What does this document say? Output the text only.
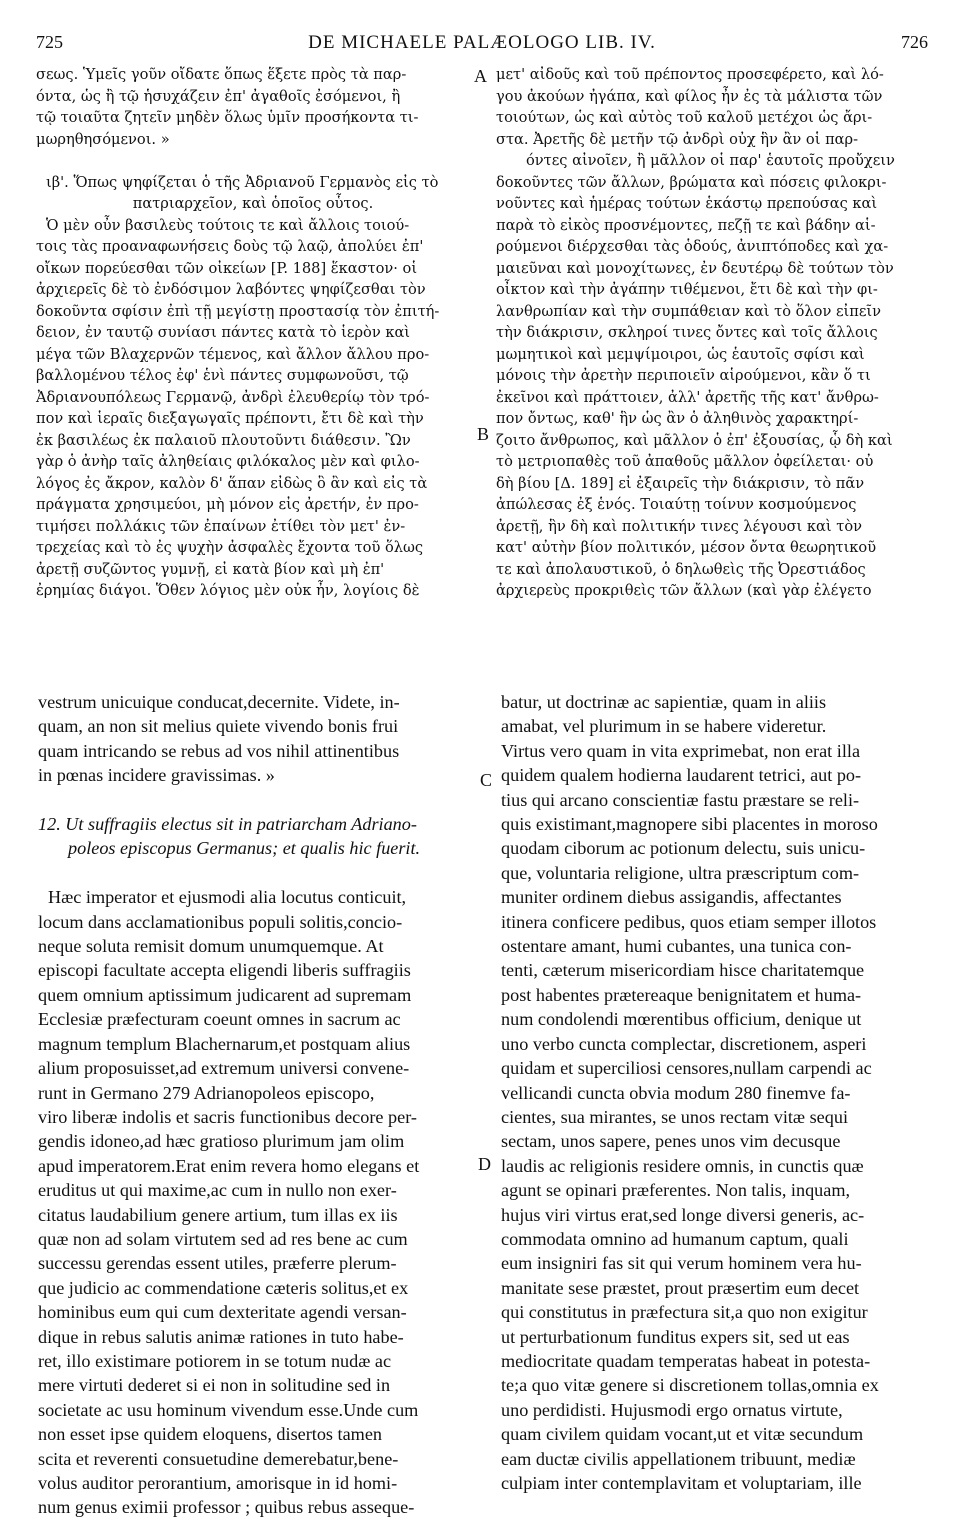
725	DE MICHAELE PALÆOLOGO LIB. IV.	726
A
B
C
D

σεως. Ὑμεῖς γοῦν οἴδατε ὅπως ἕξετε πρὸς τὰ παρ-

όντα, ὡς ἢ τῷ ἡσυχάζειν ἐπ' ἀγαθοῖς ἐσόμενοι, ἢ

τῷ τοιαῦτα ζητεῖν μηδὲν ὅλως ὑμῖν προσήκοντα τι-

μωρηθησόμενοι. »

ιβ'. Ὅπως ψηφίζεται ὁ τῆς Ἀδριανοῦ Γερμανὸς εἰς τὸ

πατριαρχεῖον, καὶ ὁποῖος οὗτος.

Ὁ μὲν οὖν βασιλεὺς τούτοις τε καὶ ἄλλοις τοιού-

τοις τὰς προαναφωνήσεις δοὺς τῷ λαῷ, ἀπολύει ἐπ'

οἴκων πορεύεσθαι τῶν οἰκείων [P. 188] ἕκαστον· οἱ

ἀρχιερεῖς δὲ τὸ ἐνδόσιμον λαβόντες ψηφίζεσθαι τὸν

δοκοῦντα σφίσιν ἐπὶ τῇ μεγίστῃ προστασίᾳ τὸν ἐπιτή-

δειον, ἐν ταυτῷ συνίασι πάντες κατὰ τὸ ἱερὸν καὶ

μέγα τῶν Βλαχερνῶν τέμενος, καὶ ἄλλον ἄλλου προ-

βαλλομένου τέλος ἐφ' ἑνὶ πάντες συμφωνοῦσι, τῷ

Ἀδριανουπόλεως Γερμανῷ, ἀνδρὶ ἐλευθερίῳ τὸν τρό-

πον καὶ ἱεραῖς διεξαγωγαῖς πρέποντι, ἔτι δὲ καὶ τὴν

ἐκ βασιλέως ἐκ παλαιοῦ πλουτοῦντι διάθεσιν. Ὢν

γὰρ ὁ ἀνὴρ ταῖς ἀληθείαις φιλόκαλος μὲν καὶ φιλο-

λόγος ἐς ἄκρον, καλὸν δ' ἅπαν εἰδὼς ὃ ἂν καὶ εἰς τὰ

πράγματα χρησιμεύοι, μὴ μόνον εἰς ἀρετήν, ἐν προ-

τιμήσει πολλάκις τῶν ἐπαίνων ἐτίθει τὸν μετ' ἐν-

τρεχείας καὶ τὸ ἐς ψυχὴν ἀσφαλὲς ἔχοντα τοῦ ὅλως

ἀρετῇ συζῶντος γυμνῇ, εἰ κατὰ βίον καὶ μὴ ἐπ'

ἐρημίας διάγοι. Ὅθεν λόγιος μὲν οὐκ ἦν, λογίοις δὲ

μετ' αἰδοῦς καὶ τοῦ πρέποντος προσεφέρετο, καὶ λό-

γου ἀκούων ἠγάπα, καὶ φίλος ἦν ἐς τὰ μάλιστα τῶν

τοιούτων, ὡς καὶ αὐτὸς τοῦ καλοῦ μετέχοι ὡς ἄρι-

στα. Ἀρετῆς δὲ μετῆν τῷ ἀνδρὶ οὐχ ἣν ἂν οἱ παρ-

όντες αἰνοῖεν, ἢ μᾶλλον οἱ παρ' ἑαυτοῖς προὔχειν

δοκοῦντες τῶν ἄλλων, βρώματα καὶ πόσεις φιλοκρι-

νοῦντες καὶ ἡμέρας τούτων ἑκάστῳ πρεπούσας καὶ

παρὰ τὸ εἰκὸς προσνέμοντες, πεζῇ τε καὶ βάδην αἱ-

ρούμενοι διέρχεσθαι τὰς ὁδούς, ἀνιπτόποδες καὶ χα-

μαιεῦναι καὶ μονοχίτωνες, ἐν δευτέρῳ δὲ τούτων τὸν

οἶκτον καὶ τὴν ἀγάπην τιθέμενοι, ἔτι δὲ καὶ τὴν φι-

λανθρωπίαν καὶ τὴν συμπάθειαν καὶ τὸ ὅλον εἰπεῖν

τὴν διάκρισιν, σκληροί τινες ὄντες καὶ τοῖς ἄλλοις

μωμητικοὶ καὶ μεμψίμοιροι, ὡς ἑαυτοῖς σφίσι καὶ

μόνοις τὴν ἀρετὴν περιποιεῖν αἱρούμενοι, κἂν ὅ τι

ἐκεῖνοι καὶ πράττοιεν, ἀλλ' ἀρετῆς τῆς κατ' ἄνθρω-

πον ὄντως, καθ' ἣν ὡς ἂν ὁ ἀληθινὸς χαρακτηρί-

ζοιτο ἄνθρωπος, καὶ μᾶλλον ὁ ἐπ' ἐξουσίας, ᾧ δὴ καὶ

τὸ μετριοπαθὲς τοῦ ἀπαθοῦς μᾶλλον ὀφείλεται· οὐ

δὴ βίου [Δ. 189] εἰ ἐξαιρεῖς τὴν διάκρισιν, τὸ πᾶν

ἀπώλεσας ἐξ ἑνός. Τοιαύτῃ τοίνυν κοσμούμενος

ἀρετῇ, ἣν δὴ καὶ πολιτικήν τινες λέγουσι καὶ τὸν

κατ' αὐτὴν βίον πολιτικόν, μέσον ὄντα θεωρητικοῦ

τε καὶ ἀπολαυστικοῦ, ὁ δηλωθεὶς τῆς Ὀρεστιάδος

ἀρχιερεὺς προκριθεὶς τῶν ἄλλων (καὶ γὰρ ἐλέγετο

vestrum unicuique conducat,decernite. Videte, in-

quam, an non sit melius quiete vivendo bonis frui

quam intricando se rebus ad vos nihil attinentibus

in pœnas incidere gravissimas. »

12. Ut suffragiis electus sit in patriarcham Adriano-

poleos episcopus Germanus; et qualis hic fuerit.

Hæc imperator et ejusmodi alia locutus conticuit,

locum dans acclamationibus populi solitis,concio-

neque soluta remisit domum unumquemque. At

episcopi facultate accepta eligendi liberis suffragiis

quem omnium aptissimum judicarent ad supremam

Ecclesiæ præfecturam coeunt omnes in sacrum ac

magnum templum Blachernarum,et postquam alius

alium proposuisset,ad extremum universi convene-

runt in Germano 279 Adrianopoleos episcopo,

viro liberæ indolis et sacris functionibus decore per-

gendis idoneo,ad hæc gratioso plurimum jam olim

apud imperatorem.Erat enim revera homo elegans et

eruditus ut qui maxime,ac cum in nullo non exer-

citatus laudabilium genere artium, tum illas ex iis

quæ non ad solam virtutem sed ad res bene ac cum

successu gerendas essent utiles, præferre plerum-

que judicio ac commendatione cæteris solitus,et ex

hominibus eum qui cum dexteritate agendi versan-

dique in rebus salutis animæ rationes in tuto habe-

ret, illo existimare potiorem in se totum nudæ ac

mere virtuti dederet si ei non in solitudine sed in

societate ac usu hominum vivendum esse.Unde cum

non esset ipse quidem eloquens, disertos tamen

scita et reverenti consuetudine demerebatur,bene-

volus auditor perorantium, amorisque in id homi-

num genus eximii professor ; quibus rebus asseque-

batur, ut doctrinæ ac sapientiæ, quam in aliis

amabat, vel plurimum in se habere videretur.

Virtus vero quam in vita exprimebat, non erat illa

quidem qualem hodierna laudarent tetrici, aut po-

tius qui arcano conscientiæ fastu præstare se reli-

quis existimant,magnopere sibi placentes in moroso

quodam ciborum ac potionum delectu, suis unicu-

que, voluntaria religione, ultra præscriptum com-

muniter ordinem diebus assigandis, affectantes

itinera conficere pedibus, quos etiam semper illotos

ostentare amant, humi cubantes, una tunica con-

tenti, cæterum misericordiam hisce charitatemque

post habentes prætereaque benignitatem et huma-

num condolendi mœrentibus officium, denique ut

uno verbo cuncta complectar, discretionem, asperi

quidam et superciliosi censores,nullam carpendi ac

vellicandi cuncta obvia modum 280 finemve fa-

cientes, sua mirantes, se unos rectam vitæ sequi

sectam, unos sapere, penes unos vim decusque

laudis ac religionis residere omnis, in cunctis quæ

agunt se opinari præferentes. Non talis, inquam,

hujus viri virtus erat,sed longe diversi generis, ac-

commodata omnino ad humanum captum, quali

eum insigniri fas sit qui verum hominem vera hu-

manitate sese præstet, prout præsertim eum decet

qui constitutus in præfectura sit,a quo non exigitur

ut perturbationum funditus expers sit, sed ut eas

mediocritate quadam temperatas habeat in potesta-

te;a quo vitæ genere si discretionem tollas,omnia ex

uno perdidisti. Hujusmodi ergo ornatus virtute,

quam civilem quidam vocant,ut et vitæ secundum

eam ductæ civilis appellationem tribuunt, mediæ

culpiam inter contemplavitam et voluptariam, ille
